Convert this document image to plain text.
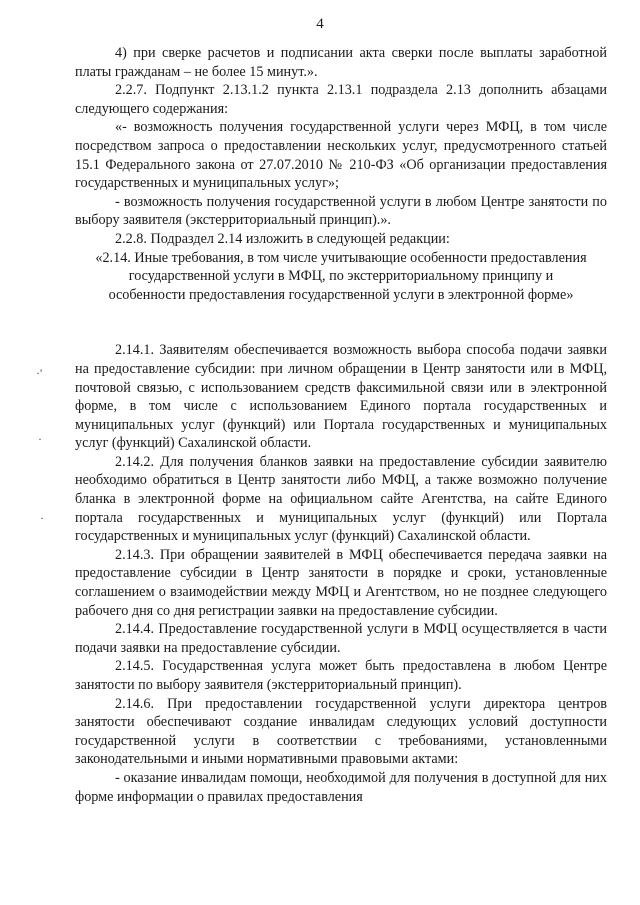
4
·'
·
·

4) при сверке расчетов и подписании акта сверки после выплаты заработной платы гражданам – не более 15 минут.».

2.2.7. Подпункт 2.13.1.2 пункта 2.13.1 подраздела 2.13 дополнить абзацами следующего содержания:

«- возможность получения государственной услуги через МФЦ, в том числе посредством запроса о предоставлении нескольких услуг, предусмотренного статьей 15.1 Федерального закона от 27.07.2010 № 210-ФЗ «Об организации предоставления государственных и муниципальных услуг»;

- возможность получения государственной услуги в любом Центре занятости по выбору заявителя (экстерриториальный принцип).».

2.2.8. Подраздел 2.14 изложить в следующей редакции:

«2.14. Иные требования, в том числе учитывающие особенности предоставления государственной услуги в МФЦ, по экстерриториальному принципу и особенности предоставления государственной услуги в электронной форме»

2.14.1. Заявителям обеспечивается возможность выбора способа подачи заявки на предоставление субсидии: при личном обращении в Центр занятости или в МФЦ, почтовой связью, с использованием средств факсимильной связи или в электронной форме, в том числе с использованием Единого портала государственных и муниципальных услуг (функций) или Портала государственных и муниципальных услуг (функций) Сахалинской области.

2.14.2. Для получения бланков заявки на предоставление субсидии заявителю необходимо обратиться в Центр занятости либо МФЦ, а также возможно получение бланка в электронной форме на официальном сайте Агентства, на сайте Единого портала государственных и муниципальных услуг (функций) или Портала государственных и муниципальных услуг (функций) Сахалинской области.

2.14.3. При обращении заявителей в МФЦ обеспечивается передача заявки на предоставление субсидии в Центр занятости в порядке и сроки, установленные соглашением о взаимодействии между МФЦ и Агентством, но не позднее следующего рабочего дня со дня регистрации заявки на предоставление субсидии.

2.14.4. Предоставление государственной услуги в МФЦ осуществляется в части подачи заявки на предоставление субсидии.

2.14.5. Государственная услуга может быть предоставлена в любом Центре занятости по выбору заявителя (экстерриториальный принцип).

2.14.6. При предоставлении государственной услуги директора центров занятости обеспечивают создание инвалидам следующих условий доступности государственной услуги в соответствии с требованиями, установленными законодательными и иными нормативными правовыми актами:

- оказание инвалидам помощи, необходимой для получения в доступной для них форме информации о правилах предоставления
